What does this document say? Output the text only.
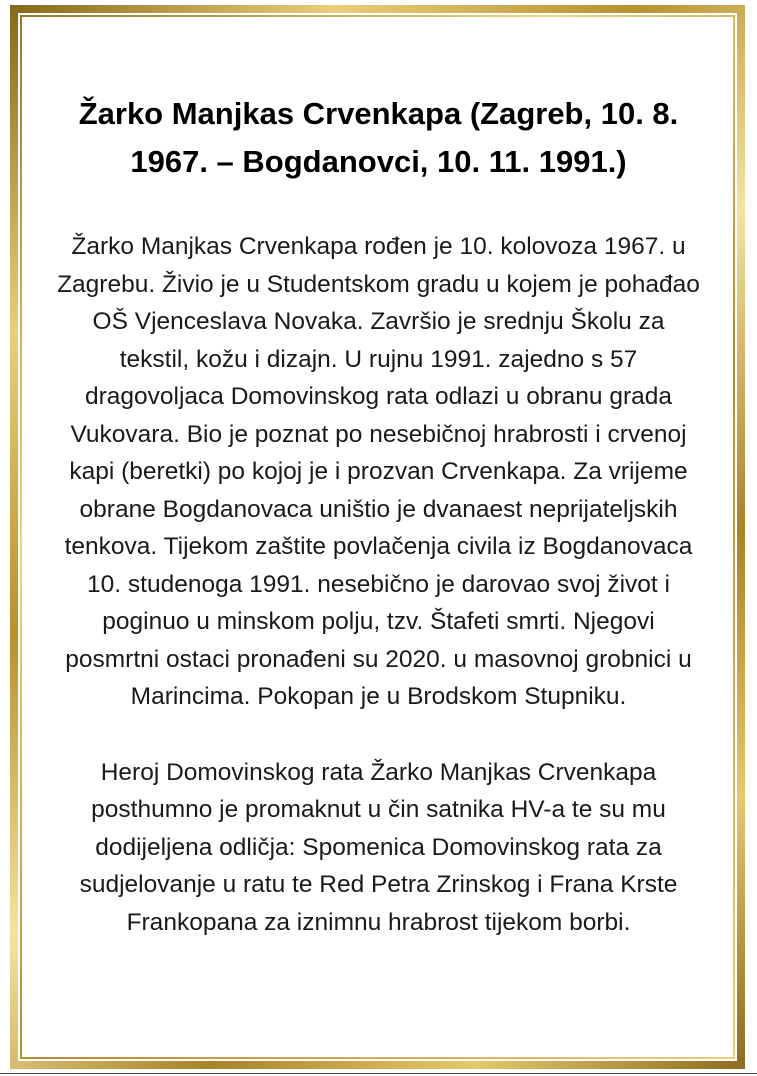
Žarko Manjkas Crvenkapa (Zagreb, 10. 8. 1967. – Bogdanovci, 10. 11. 1991.)

Žarko Manjkas Crvenkapa rođen je 10. kolovoza 1967. u Zagrebu. Živio je u Studentskom gradu u kojem je pohađao OŠ Vjenceslava Novaka. Završio je srednju Školu za tekstil, kožu i dizajn. U rujnu 1991. zajedno s 57 dragovoljaca Domovinskog rata odlazi u obranu grada Vukovara. Bio je poznat po nesebičnoj hrabrosti i crvenoj kapi (beretki) po kojoj je i prozvan Crvenkapa. Za vrijeme obrane Bogdanovaca uništio je dvanaest neprijateljskih tenkova. Tijekom zaštite povlačenja civila iz Bogdanovaca 10. studenoga 1991. nesebično je darovao svoj život i poginuo u minskom polju, tzv. Štafeti smrti. Njegovi posmrtni ostaci pronađeni su 2020. u masovnoj grobnici u Marincima. Pokopan je u Brodskom Stupniku.

Heroj Domovinskog rata Žarko Manjkas Crvenkapa posthumno je promaknut u čin satnika HV-a te su mu dodijeljena odličja: Spomenica Domovinskog rata za sudjelovanje u ratu te Red Petra Zrinskog i Frana Krste Frankopana za iznimnu hrabrost tijekom borbi.
